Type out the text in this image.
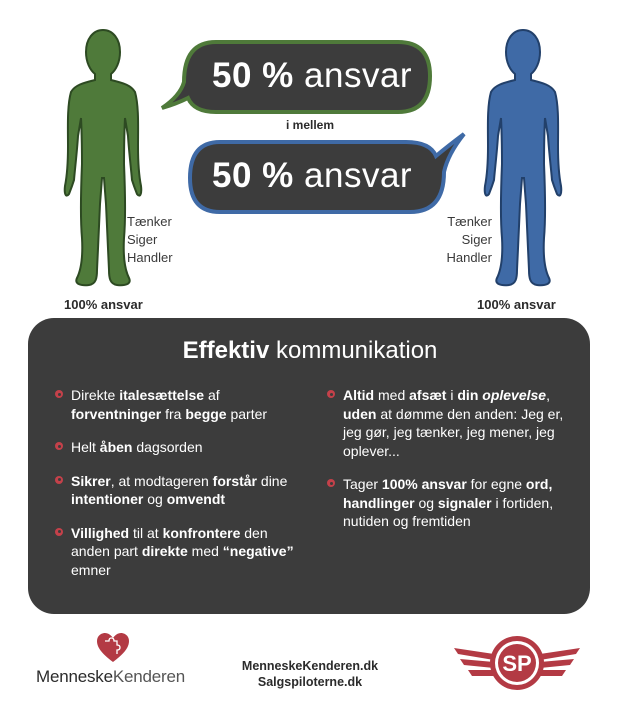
50 % ansvar
i mellem
50 % ansvar
Tænker
Siger
Handler
Tænker
Siger
Handler
100% ansvar	100% ansvar
Effektiv kommunikation
Direkte italesættelse af forventninger fra begge parter
Helt åben dagsorden
Sikrer, at modtageren forstår dine intentioner og omvendt
Villighed til at konfrontere den anden part direkte med “negative” emner
Altid med afsæt i din oplevelse, uden at dømme den anden: Jeg er, jeg gør, jeg tænker, jeg mener, jeg oplever...
Tager 100% ansvar for egne ord, handlinger og signaler i fortiden, nutiden og fremtiden
MenneskeKenderen
MenneskeKenderen.dk
Salgspiloterne.dk
SP
